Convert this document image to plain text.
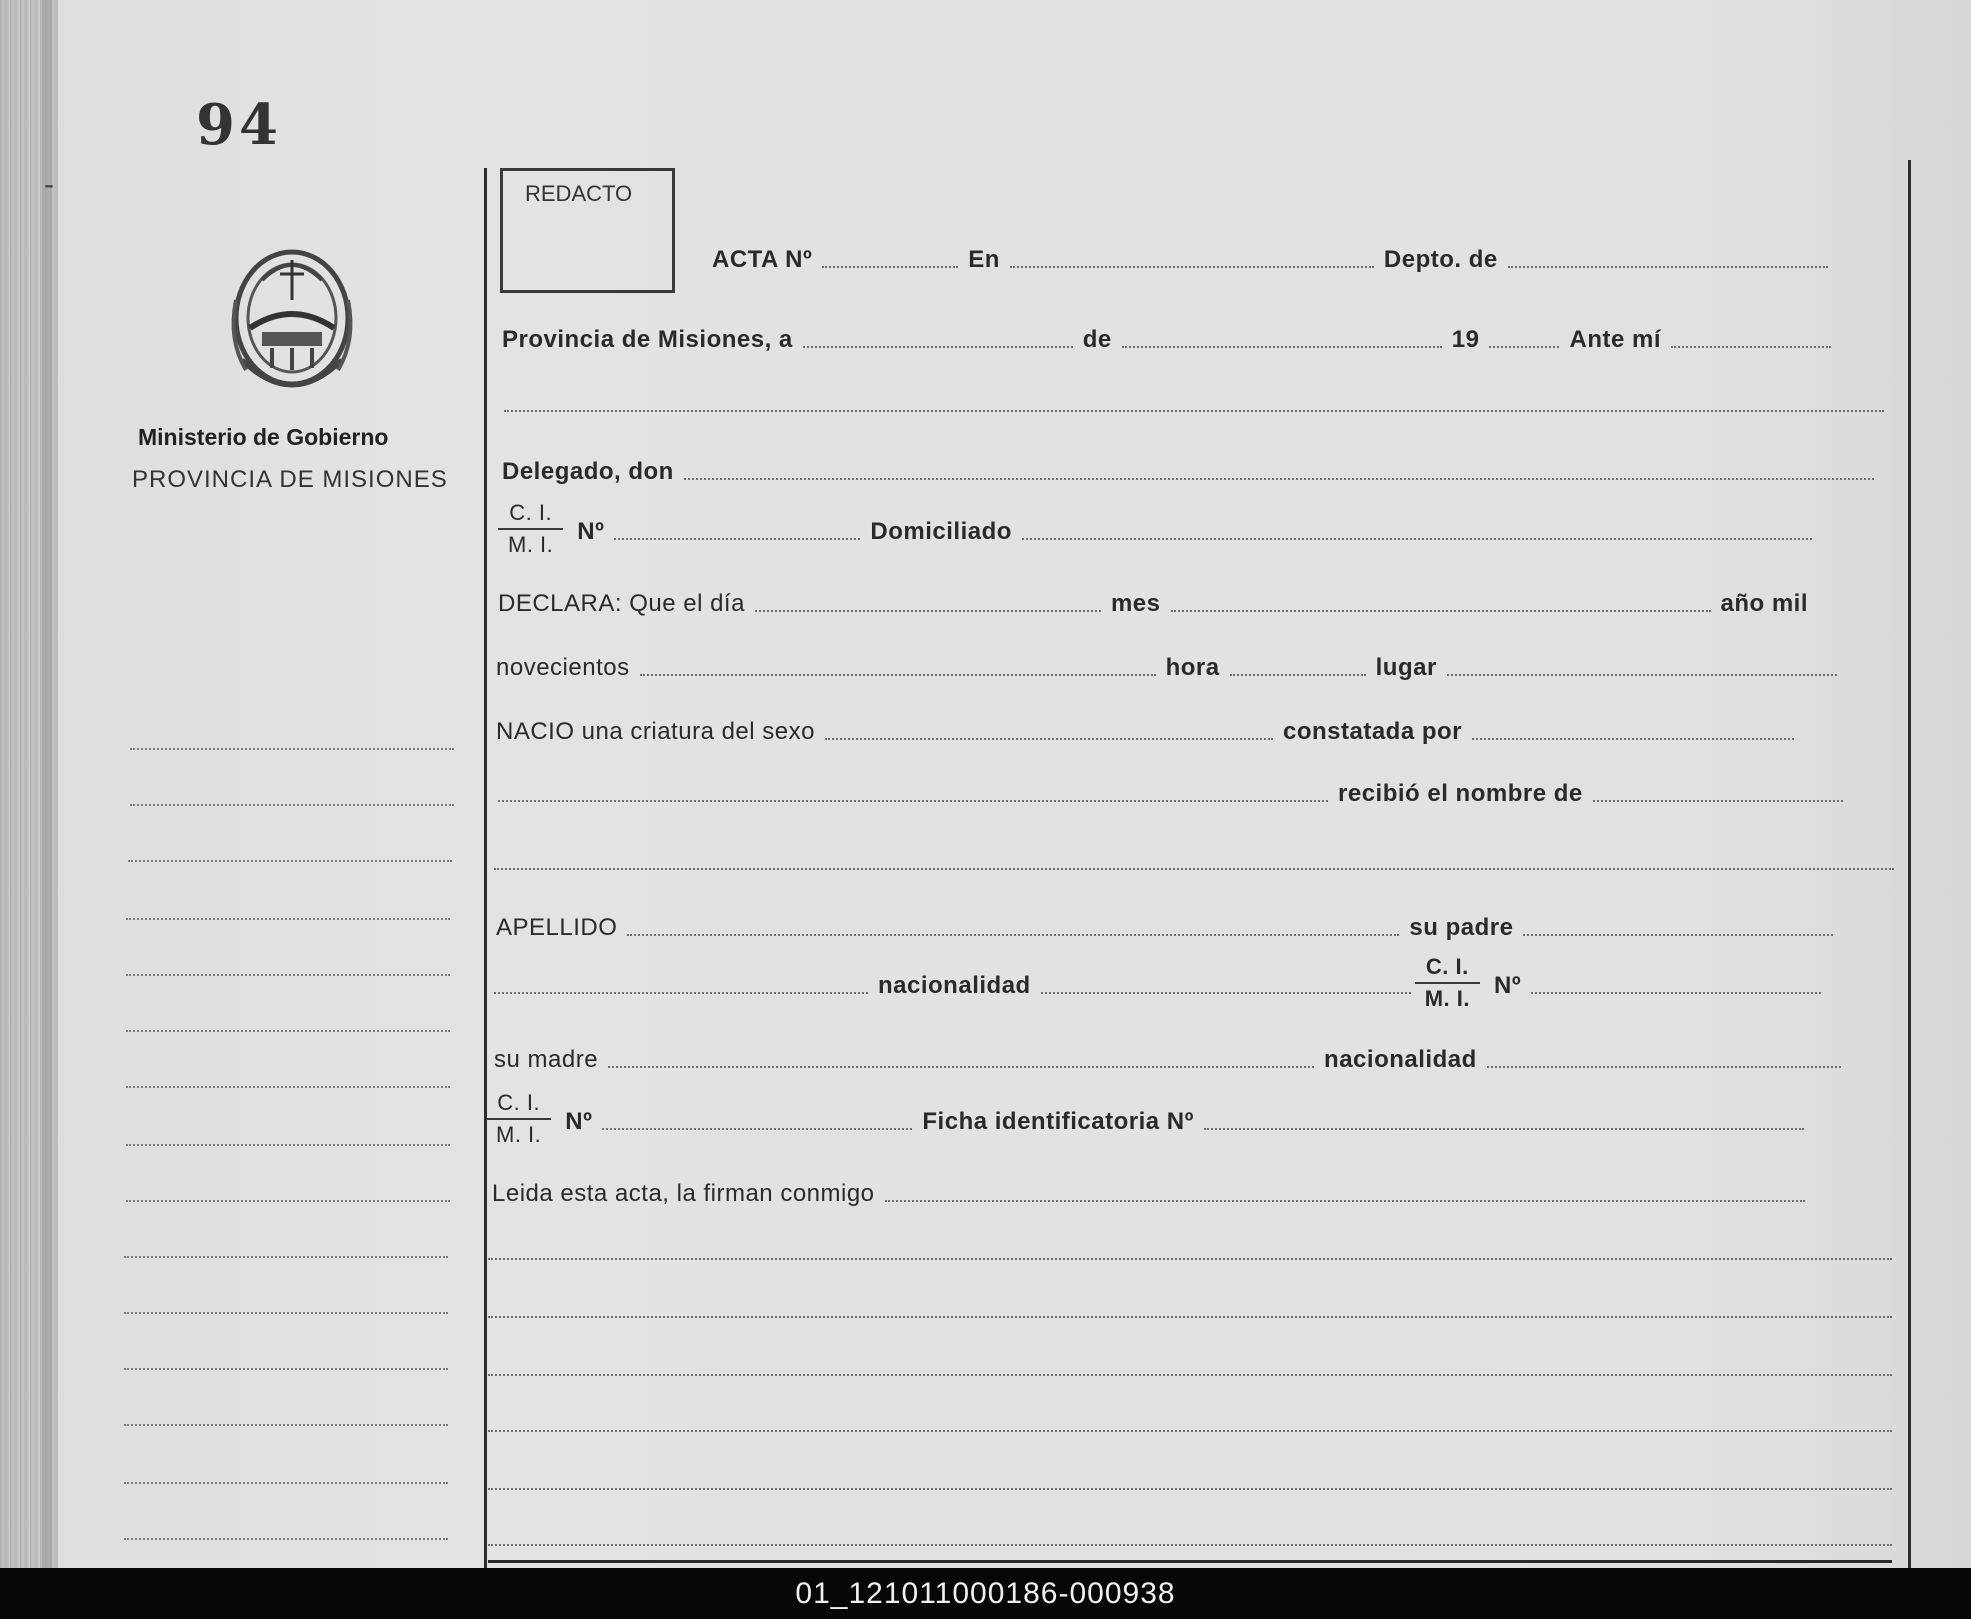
94
-
Ministerio de Gobierno
PROVINCIA DE MISIONES
REDACTO
ACTA Nº	En	Depto. de
Provincia de Misiones, a	de	19	Ante mí
Delegado, don
$\frac{C. I.}{M. I.}$ Nº	Domiciliado
DECLARA: Que el día	mes	año mil
novecientos	hora	lugar
NACIO una criatura del sexo	constatada por
recibió el nombre de
APELLIDO	su padre
nacionalidad	$\frac{C. I.}{M. I.}$ Nº
su madre	nacionalidad
$\frac{C. I.}{M. I.}$ Nº	Ficha identificatoria Nº
Leida esta acta, la firman conmigo
01_121011000186-000938
